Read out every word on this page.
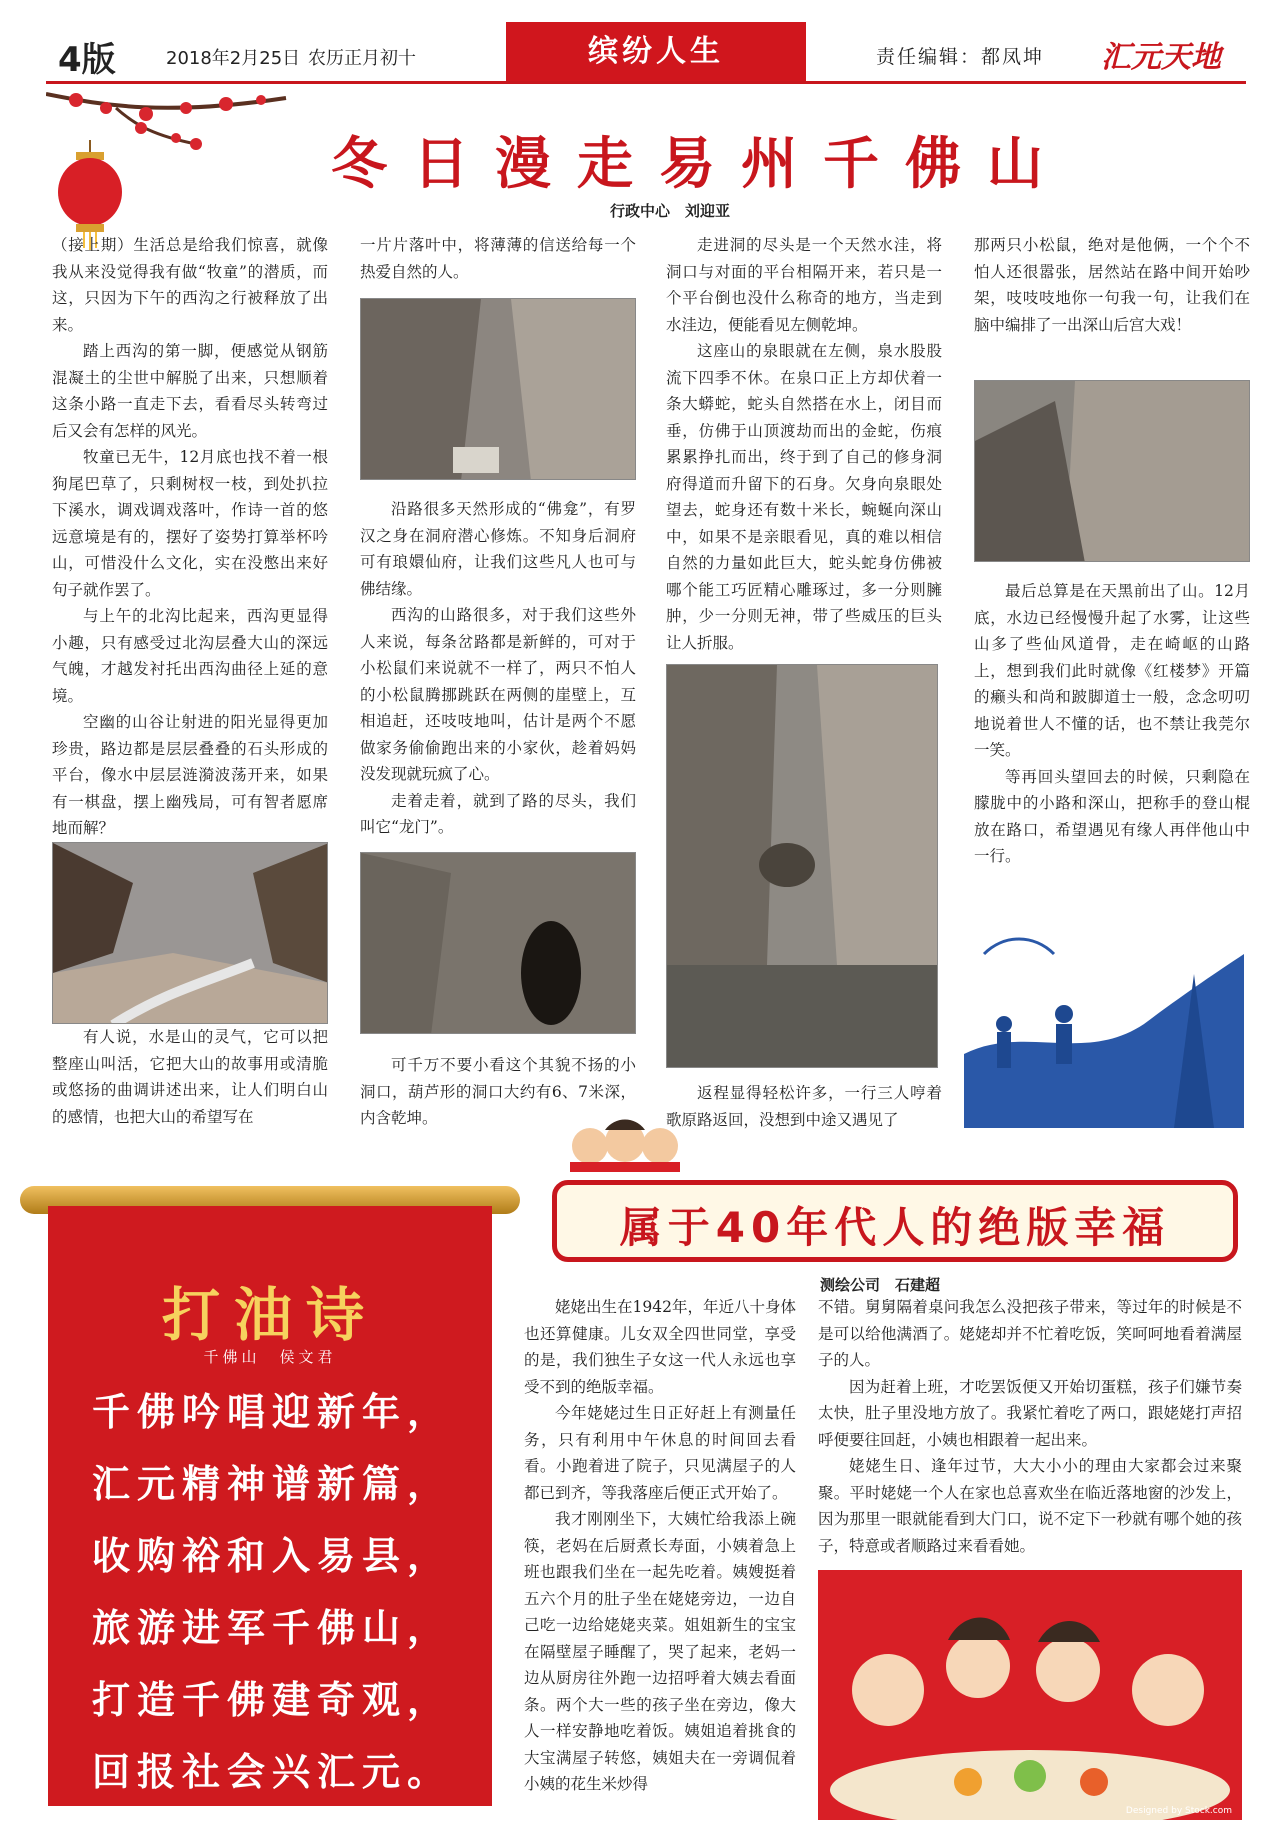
4版	2018年2月25日 农历正月初十	缤纷人生	责任编辑：都凤坤 汇元天地
冬日漫走易州千佛山
行政中心　刘迎亚

（接上期）生活总是给我们惊喜，就像我从来没觉得我有做“牧童”的潜质，而这，只因为下午的西沟之行被释放了出来。

踏上西沟的第一脚，便感觉从钢筋混凝土的尘世中解脱了出来，只想顺着这条小路一直走下去，看看尽头转弯过后又会有怎样的风光。

牧童已无牛，12月底也找不着一根狗尾巴草了，只剩树杈一枝，到处扒拉下溪水，调戏调戏落叶，作诗一首的悠远意境是有的，摆好了姿势打算举杯吟山，可惜没什么文化，实在没憋出来好句子就作罢了。

与上午的北沟比起来，西沟更显得小趣，只有感受过北沟层叠大山的深远气魄，才越发衬托出西沟曲径上延的意境。

空幽的山谷让射进的阳光显得更加珍贵，路边都是层层叠叠的石头形成的平台，像水中层层涟漪波荡开来，如果有一棋盘，摆上幽残局，可有智者愿席地而解？

有人说，水是山的灵气，它可以把整座山叫活，它把大山的故事用或清脆或悠扬的曲调讲述出来，让人们明白山的感情，也把大山的希望写在

一片片落叶中，将薄薄的信送给每一个热爱自然的人。

沿路很多天然形成的“佛龛”，有罗汉之身在洞府潜心修炼。不知身后洞府可有琅嬛仙府，让我们这些凡人也可与佛结缘。

西沟的山路很多，对于我们这些外人来说，每条岔路都是新鲜的，可对于小松鼠们来说就不一样了，两只不怕人的小松鼠腾挪跳跃在两侧的崖壁上，互相追赶，还吱吱地叫，估计是两个不愿做家务偷偷跑出来的小家伙，趁着妈妈没发现就玩疯了心。

走着走着，就到了路的尽头，我们叫它“龙门”。

可千万不要小看这个其貌不扬的小洞口，葫芦形的洞口大约有6、7米深，内含乾坤。

走进洞的尽头是一个天然水洼，将洞口与对面的平台相隔开来，若只是一个平台倒也没什么称奇的地方，当走到水洼边，便能看见左侧乾坤。

这座山的泉眼就在左侧，泉水股股流下四季不休。在泉口正上方却伏着一条大蟒蛇，蛇头自然搭在水上，闭目而垂，仿佛于山顶渡劫而出的金蛇，伤痕累累挣扎而出，终于到了自己的修身洞府得道而升留下的石身。欠身向泉眼处望去，蛇身还有数十米长，蜿蜒向深山中，如果不是亲眼看见，真的难以相信自然的力量如此巨大，蛇头蛇身仿佛被哪个能工巧匠精心雕琢过，多一分则臃肿，少一分则无神，带了些威压的巨头让人折服。

返程显得轻松许多，一行三人哼着歌原路返回，没想到中途又遇见了

那两只小松鼠，绝对是他俩，一个个不怕人还很嚣张，居然站在路中间开始吵架，吱吱吱地你一句我一句，让我们在脑中编排了一出深山后宫大戏！

最后总算是在天黑前出了山。12月底，水边已经慢慢升起了水雾，让这些山多了些仙风道骨，走在崎岖的山路上，想到我们此时就像《红楼梦》开篇的癞头和尚和跛脚道士一般，念念叨叨地说着世人不懂的话，也不禁让我莞尔一笑。

等再回头望回去的时候，只剩隐在朦胧中的小路和深山，把称手的登山棍放在路口，希望遇见有缘人再伴他山中一行。

打油诗
千佛山　侯文君
千佛吟唱迎新年，
汇元精神谱新篇，
收购裕和入易县，
旅游进军千佛山，
打造千佛建奇观，
回报社会兴汇元。
属于40年代人的绝版幸福
测绘公司　石建超

姥姥出生在1942年，年近八十身体也还算健康。儿女双全四世同堂，享受的是，我们独生子女这一代人永远也享受不到的绝版幸福。

今年姥姥过生日正好赶上有测量任务，只有利用中午休息的时间回去看看。小跑着进了院子，只见满屋子的人都已到齐，等我落座后便正式开始了。

我才刚刚坐下，大姨忙给我添上碗筷，老妈在后厨煮长寿面，小姨着急上班也跟我们坐在一起先吃着。姨嫂挺着五六个月的肚子坐在姥姥旁边，一边自己吃一边给姥姥夹菜。姐姐新生的宝宝在隔壁屋子睡醒了，哭了起来，老妈一边从厨房往外跑一边招呼着大姨去看面条。两个大一些的孩子坐在旁边，像大人一样安静地吃着饭。姨姐追着挑食的大宝满屋子转悠，姨姐夫在一旁调侃着小姨的花生米炒得

不错。舅舅隔着桌问我怎么没把孩子带来，等过年的时候是不是可以给他满酒了。姥姥却并不忙着吃饭，笑呵呵地看着满屋子的人。

因为赶着上班，才吃罢饭便又开始切蛋糕，孩子们嫌节奏太快，肚子里没地方放了。我紧忙着吃了两口，跟姥姥打声招呼便要往回赶，小姨也相跟着一起出来。

姥姥生日、逢年过节，大大小小的理由大家都会过来聚聚。平时姥姥一个人在家也总喜欢坐在临近落地窗的沙发上，因为那里一眼就能看到大门口，说不定下一秒就有哪个她的孩子，特意或者顺路过来看看她。

Designed by Stock.com
